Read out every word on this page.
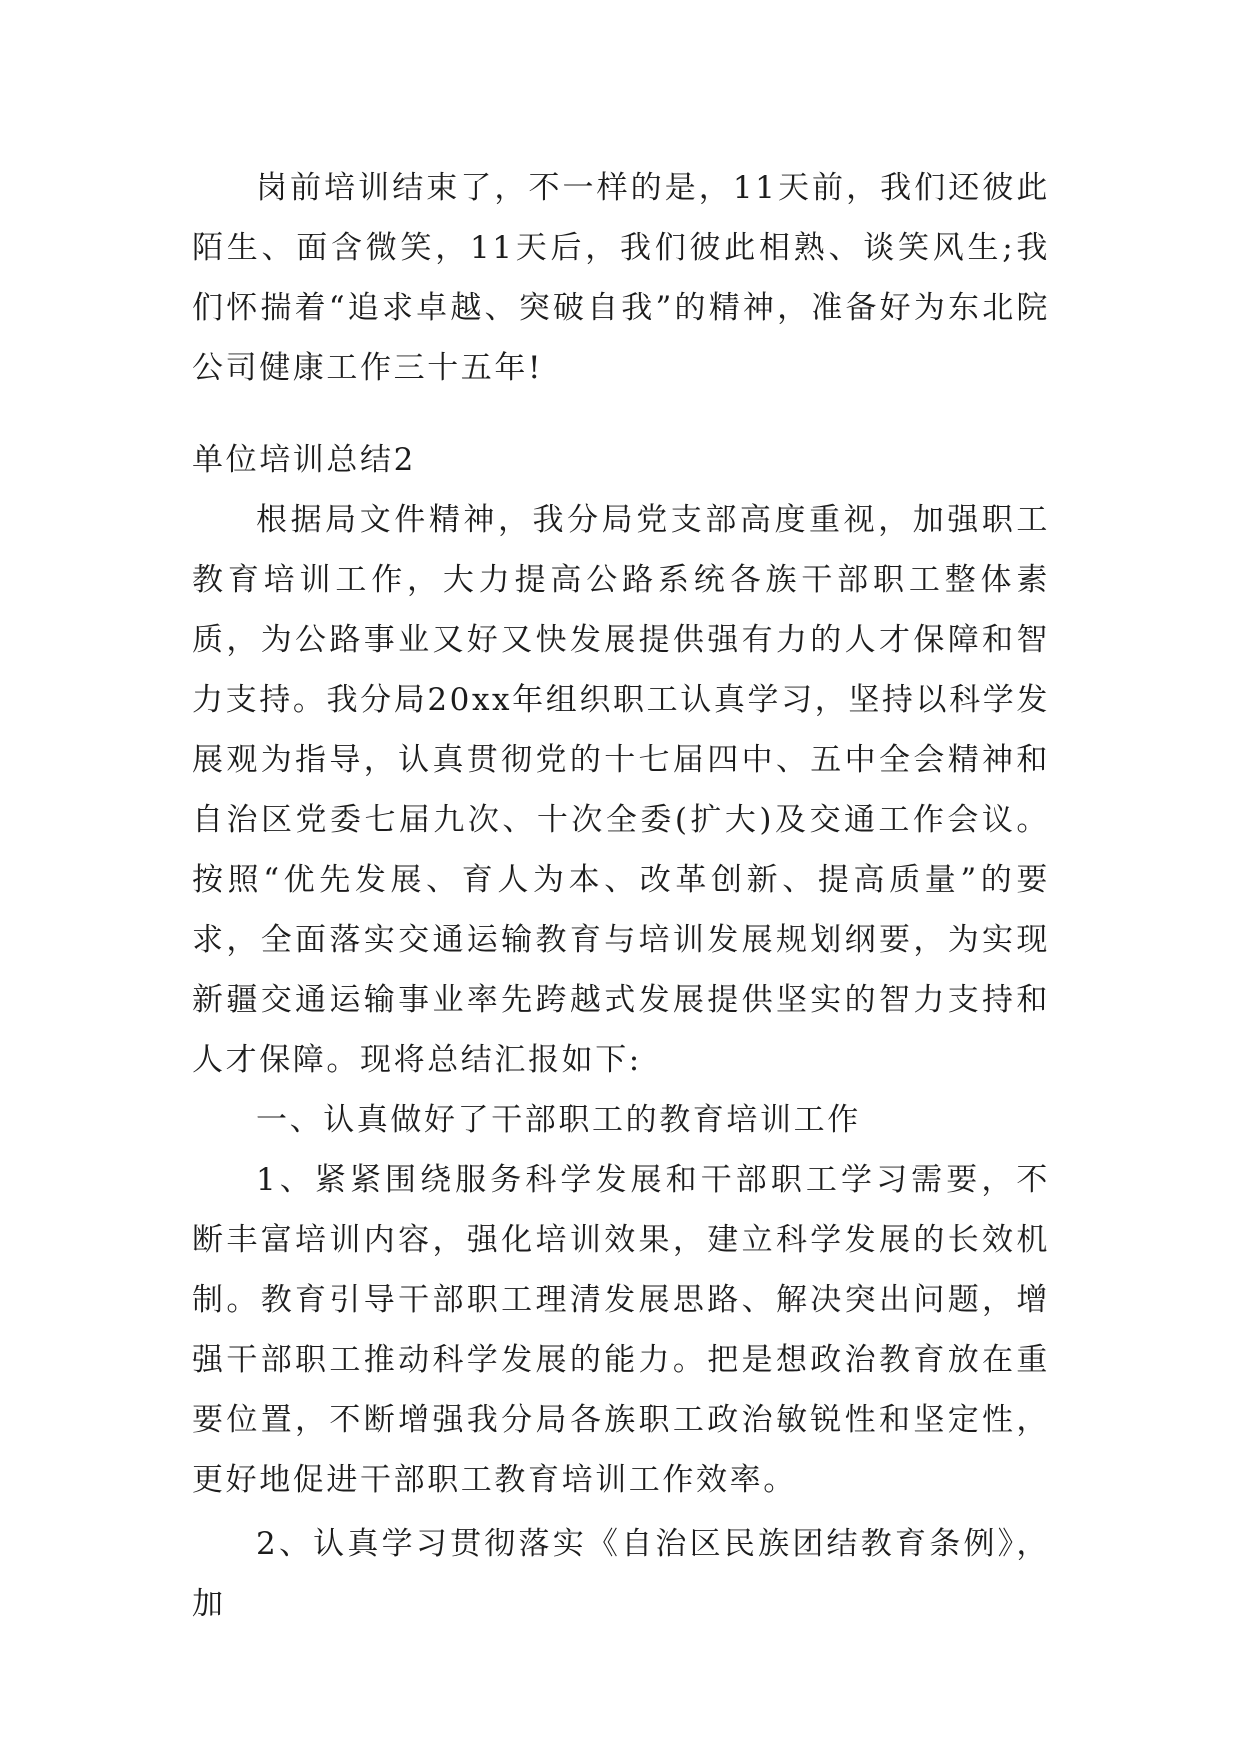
岗前培训结束了，不一样的是，11天前，我们还彼此陌生、面含微笑，11天后，我们彼此相熟、谈笑风生;我们怀揣着“追求卓越、突破自我”的精神，准备好为东北院公司健康工作三十五年!

单位培训总结2

根据局文件精神，我分局党支部高度重视，加强职工教育培训工作，大力提高公路系统各族干部职工整体素质，为公路事业又好又快发展提供强有力的人才保障和智力支持。我分局20xx年组织职工认真学习，坚持以科学发展观为指导，认真贯彻党的十七届四中、五中全会精神和自治区党委七届九次、十次全委(扩大)及交通工作会议。按照“优先发展、育人为本、改革创新、提高质量”的要求，全面落实交通运输教育与培训发展规划纲要，为实现新疆交通运输事业率先跨越式发展提供坚实的智力支持和人才保障。现将总结汇报如下:

一、认真做好了干部职工的教育培训工作

1、紧紧围绕服务科学发展和干部职工学习需要，不断丰富培训内容，强化培训效果，建立科学发展的长效机制。教育引导干部职工理清发展思路、解决突出问题，增强干部职工推动科学发展的能力。把是想政治教育放在重要位置，不断增强我分局各族职工政治敏锐性和坚定性，更好地促进干部职工教育培训工作效率。

2、认真学习贯彻落实《自治区民族团结教育条例》，加
